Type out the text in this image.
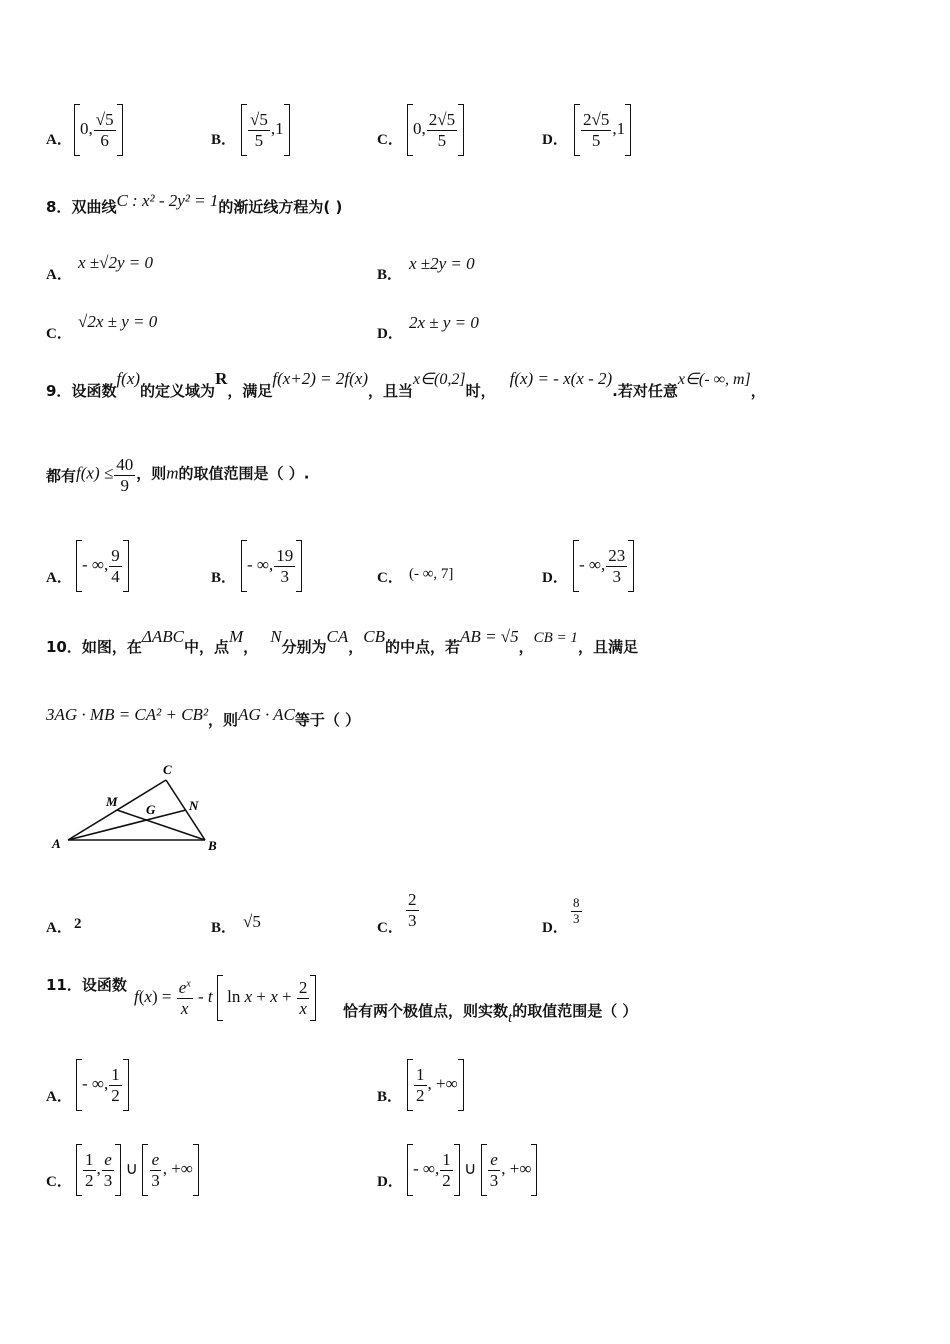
A．
0, $\frac{√5}{6}$	B． $\frac{√5}{5} ,1$
C．
0, $\frac{2√5}{5}$	D． $\frac{2√5}{5} ,1$
8．双曲线C : x² - 2y² = 1的渐近线方程为( )
A．
x ±√2y = 0
B．
x ±2y = 0
C．
√2x ± y = 0
D．
2x ± y = 0
9．设函数f(x)的定义域为R，满足f(x+2) = 2f(x)，且当x∈(0,2]时，f(x) = - x(x - 2).若对任意x∈(- ∞, m]，
都有$f(x) \le \frac{40}{9}$ ，则m的取值范围是（ ）.
A．
- ∞, $\frac{9}{4}$	B．
- ∞, $\frac{19}{3}$	C． (- ∞, 7]	D．
- ∞, $\frac{23}{3}$
10．如图，在ΔABC中，点M，N分别为CA，CB的中点，若AB = √5，CB = 1，且满足
3AG · MB = CA² + CB²，则AG · AC等于（ ）
A	B
C
M	N
G
A． 2	B． √5	C． $\frac{2}{3}$	D．
$\frac{8}{3}$
11．设函数
$f(x) = \frac{e^x}{x} - t$  $\ln x + x + \frac{2}{x}$ 恰有两个极值点，则实数t的取值范围是（ ）
A．
- ∞, $\frac{1}{2}$	B． $\frac{1}{2}$ , +∞
C． $\frac{1}{2}$ , $\frac{e}{3}$ ∪ $\frac{e}{3}$ , +∞
D．
- ∞, $\frac{1}{2}$ ∪ $\frac{e}{3}$ , +∞
